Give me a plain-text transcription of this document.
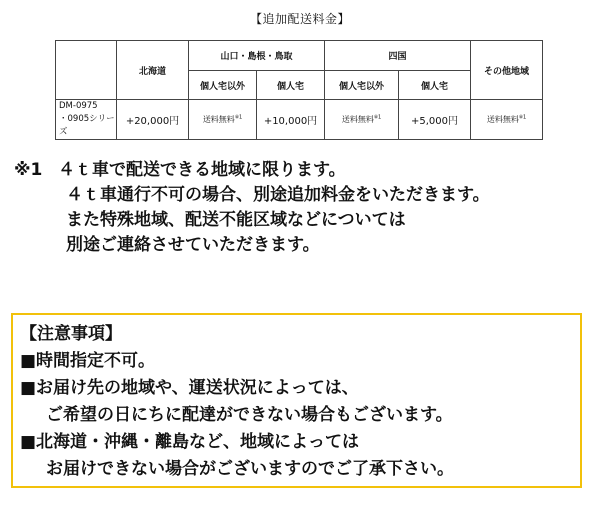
【追加配送料金】
	北海道	山口・島根・鳥取		四国		その他地域
		個人宅以外	個人宅	個人宅以外	個人宅	
DM-0975
・0905シリーズ	+20,000円	送料無料$^{※1}$	+10,000円	送料無料$^{※1}$	+5,000円	送料無料$^{※1}$
※1 ４ｔ車で配送できる地域に限ります。
４ｔ車通行不可の場合、別途追加料金をいただきます。
また特殊地域、配送不能区域などについては
別途ご連絡させていただきます。
【注意事項】
■時間指定不可。
■お届け先の地域や、運送状況によっては、
ご希望の日にちに配達ができない場合もございます。
■北海道・沖縄・離島など、地域によっては
お届けできない場合がございますのでご了承下さい。
